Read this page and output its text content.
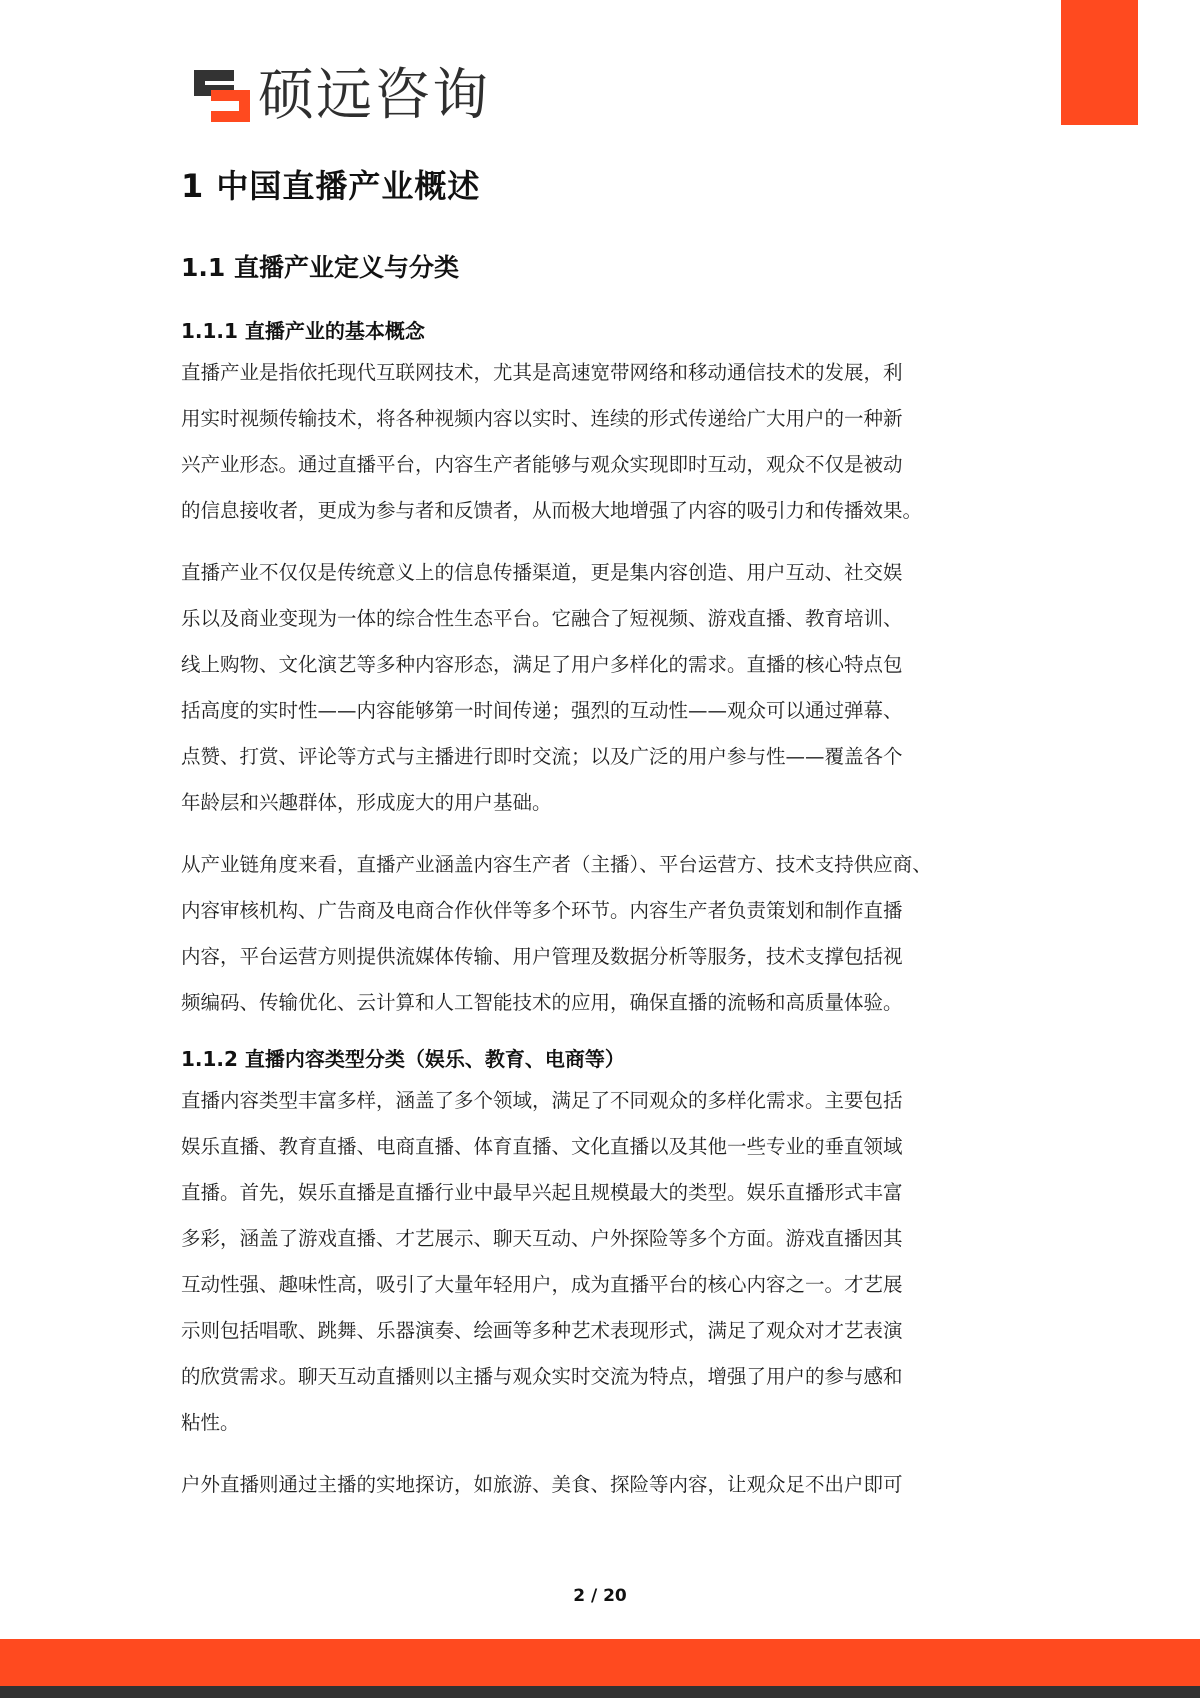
硕远咨询
1 中国直播产业概述
1.1 直播产业定义与分类
1.1.1 直播产业的基本概念

直播产业是指依托现代互联网技术，尤其是高速宽带网络和移动通信技术的发展，利
用实时视频传输技术，将各种视频内容以实时、连续的形式传递给广大用户的一种新
兴产业形态。通过直播平台，内容生产者能够与观众实现即时互动，观众不仅是被动
的信息接收者，更成为参与者和反馈者，从而极大地增强了内容的吸引力和传播效果。

直播产业不仅仅是传统意义上的信息传播渠道，更是集内容创造、用户互动、社交娱
乐以及商业变现为一体的综合性生态平台。它融合了短视频、游戏直播、教育培训、
线上购物、文化演艺等多种内容形态，满足了用户多样化的需求。直播的核心特点包
括高度的实时性——内容能够第一时间传递；强烈的互动性——观众可以通过弹幕、
点赞、打赏、评论等方式与主播进行即时交流；以及广泛的用户参与性——覆盖各个
年龄层和兴趣群体，形成庞大的用户基础。

从产业链角度来看，直播产业涵盖内容生产者（主播）、平台运营方、技术支持供应商、
内容审核机构、广告商及电商合作伙伴等多个环节。内容生产者负责策划和制作直播
内容，平台运营方则提供流媒体传输、用户管理及数据分析等服务，技术支撑包括视
频编码、传输优化、云计算和人工智能技术的应用，确保直播的流畅和高质量体验。

1.1.2 直播内容类型分类（娱乐、教育、电商等）

直播内容类型丰富多样，涵盖了多个领域，满足了不同观众的多样化需求。主要包括
娱乐直播、教育直播、电商直播、体育直播、文化直播以及其他一些专业的垂直领域
直播。首先，娱乐直播是直播行业中最早兴起且规模最大的类型。娱乐直播形式丰富
多彩，涵盖了游戏直播、才艺展示、聊天互动、户外探险等多个方面。游戏直播因其
互动性强、趣味性高，吸引了大量年轻用户，成为直播平台的核心内容之一。才艺展
示则包括唱歌、跳舞、乐器演奏、绘画等多种艺术表现形式，满足了观众对才艺表演
的欣赏需求。聊天互动直播则以主播与观众实时交流为特点，增强了用户的参与感和
粘性。

户外直播则通过主播的实地探访，如旅游、美食、探险等内容，让观众足不出户即可

2 / 20
